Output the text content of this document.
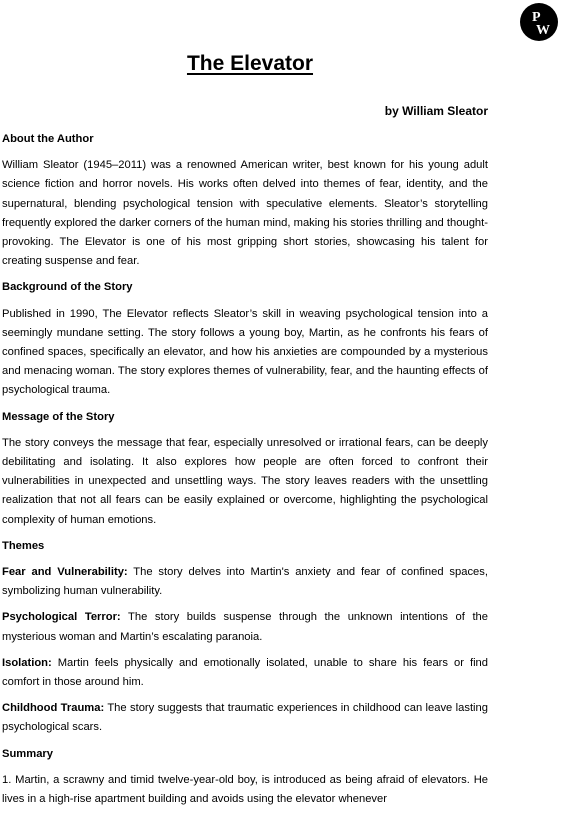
P
W
The Elevator

by William Sleator

About the Author

William Sleator (1945–2011) was a renowned American writer, best known for his young adult science fiction and horror novels. His works often delved into themes of fear, identity, and the supernatural, blending psychological tension with speculative elements. Sleator’s storytelling frequently explored the darker corners of the human mind, making his stories thrilling and thought-provoking. The Elevator is one of his most gripping short stories, showcasing his talent for creating suspense and fear.

Background of the Story

Published in 1990, The Elevator reflects Sleator’s skill in weaving psychological tension into a seemingly mundane setting. The story follows a young boy, Martin, as he confronts his fears of confined spaces, specifically an elevator, and how his anxieties are compounded by a mysterious and menacing woman. The story explores themes of vulnerability, fear, and the haunting effects of psychological trauma.

Message of the Story

The story conveys the message that fear, especially unresolved or irrational fears, can be deeply debilitating and isolating. It also explores how people are often forced to confront their vulnerabilities in unexpected and unsettling ways. The story leaves readers with the unsettling realization that not all fears can be easily explained or overcome, highlighting the psychological complexity of human emotions.

Themes

Fear and Vulnerability: The story delves into Martin's anxiety and fear of confined spaces, symbolizing human vulnerability.

Psychological Terror: The story builds suspense through the unknown intentions of the mysterious woman and Martin’s escalating paranoia.

Isolation: Martin feels physically and emotionally isolated, unable to share his fears or find comfort in those around him.

Childhood Trauma: The story suggests that traumatic experiences in childhood can leave lasting psychological scars.

Summary

1. Martin, a scrawny and timid twelve-year-old boy, is introduced as being afraid of elevators. He lives in a high-rise apartment building and avoids using the elevator whenever
